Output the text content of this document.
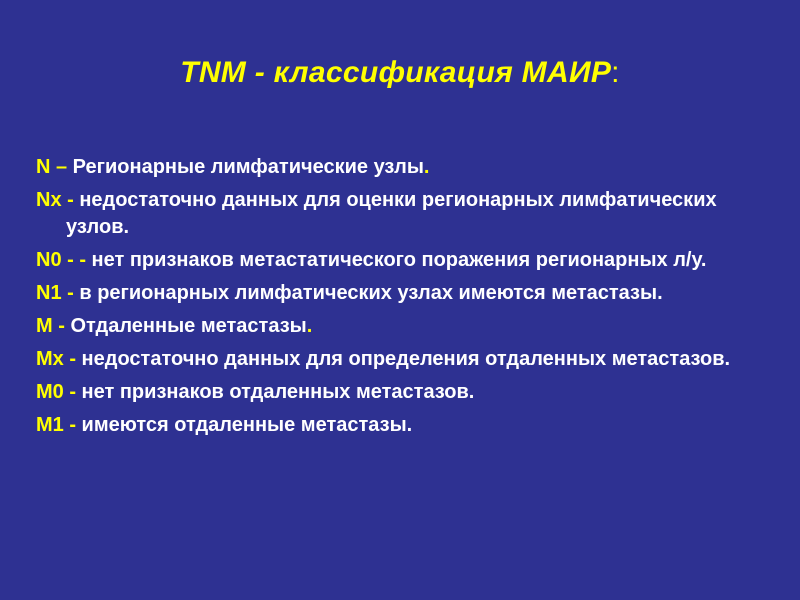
TNM - классификация МАИР:
N – Регионарные лимфатические узлы.
Nx - недостаточно данных для оценки регионарных лимфатических узлов.
N0 - - нет признаков метастатического поражения регионарных л/у.
N1 - в регионарных лимфатических узлах имеются метастазы.
M - Отдаленные метастазы.
Mx - недостаточно данных для определения отдаленных метастазов.
M0 - нет признаков отдаленных метастазов.
M1 - имеются отдаленные метастазы.
